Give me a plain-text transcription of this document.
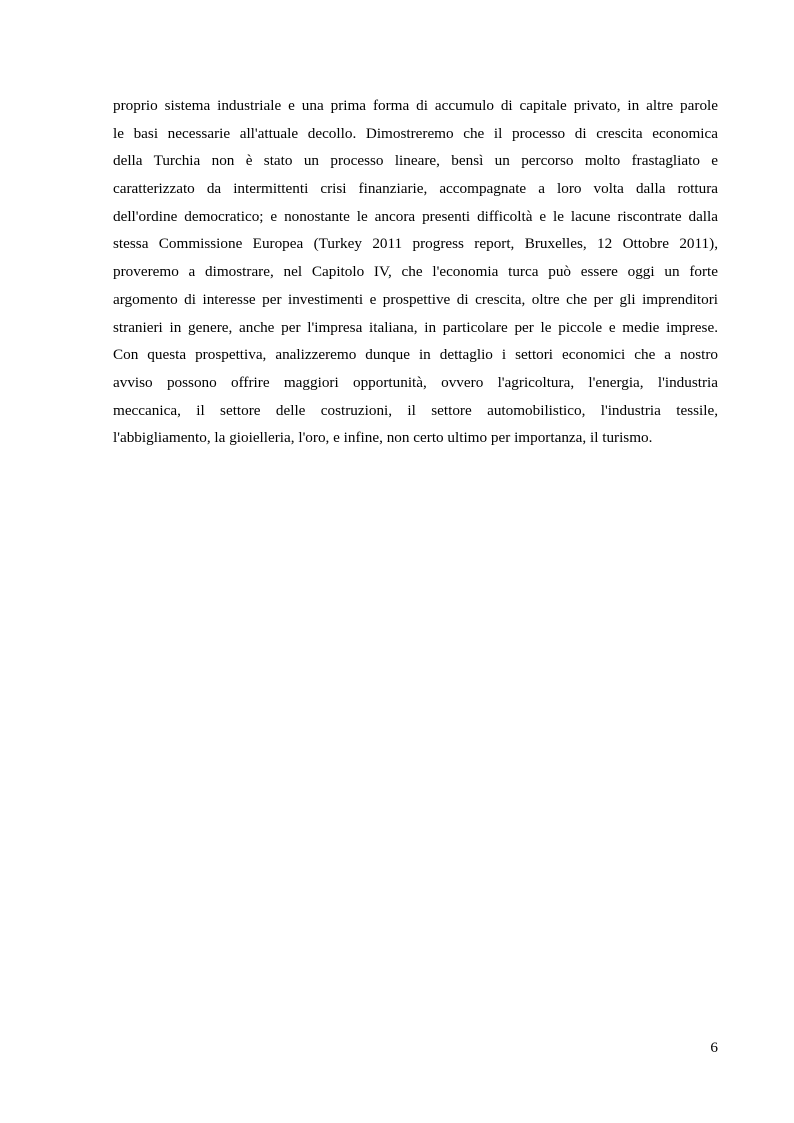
proprio sistema industriale e una prima forma di accumulo di capitale privato, in altre parole
le basi necessarie all'attuale decollo. Dimostreremo che il processo di crescita economica
della Turchia non è stato un processo lineare, bensì un percorso molto frastagliato e
caratterizzato da intermittenti crisi finanziarie, accompagnate a loro volta dalla rottura
dell'ordine democratico; e nonostante le ancora presenti difficoltà e le lacune riscontrate dalla
stessa Commissione Europea (Turkey 2011 progress report, Bruxelles, 12 Ottobre 2011),
proveremo a dimostrare, nel Capitolo IV, che l'economia turca può essere oggi un forte
argomento di interesse per investimenti e prospettive di crescita, oltre che per gli imprenditori
stranieri in genere, anche per l'impresa italiana, in particolare per le piccole e medie imprese.
Con questa prospettiva, analizzeremo dunque in dettaglio i settori economici che a nostro
avviso possono offrire maggiori opportunità, ovvero l'agricoltura, l'energia, l'industria
meccanica, il settore delle costruzioni, il settore automobilistico, l'industria tessile,
l'abbigliamento, la gioielleria, l'oro, e infine, non certo ultimo per importanza, il turismo.

6
